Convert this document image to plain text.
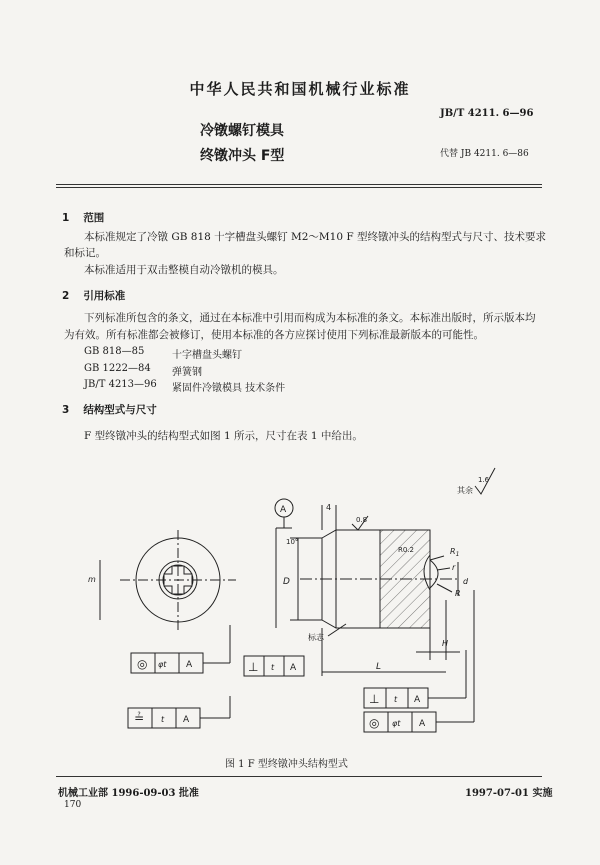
中华人民共和国机械行业标准
JB/T 4211. 6—96
冷镦螺钉模具
终镦冲头 F型	代替 JB 4211. 6—86
1 范围
本标准规定了冷镦 GB 818 十字槽盘头螺钉 M2～M10 F 型终镦冲头的结构型式与尺寸、技术要求
和标记。
本标准适用于双击整模自动冷镦机的模具。
2 引用标准
下列标准所包含的条文，通过在本标准中引用而构成为本标准的条文。本标准出版时，所示版本均
为有效。所有标准都会被修订，使用本标准的各方应探讨使用下列标准最新版本的可能性。
GB 818—85	十字槽盘头螺钉
GB 1222—84 弹簧钢
JB/T 4213—96 紧固件冷镦模具 技术条件
3 结构型式与尺寸
F 型终镦冲头的结构型式如图 1 所示，尺寸在表 1 中给出。
其余
1.6
m
◎ φt A
≟ t A
A	4
0.8
D
10°
R0.2	$R_1$
r
d
R
标志
H
L
⊥ t A
⊥ t A
◎ φt A
图 1 F 型终镦冲头结构型式
机械工业部 1996-09-03 批准	1997-07-01 实施
170
